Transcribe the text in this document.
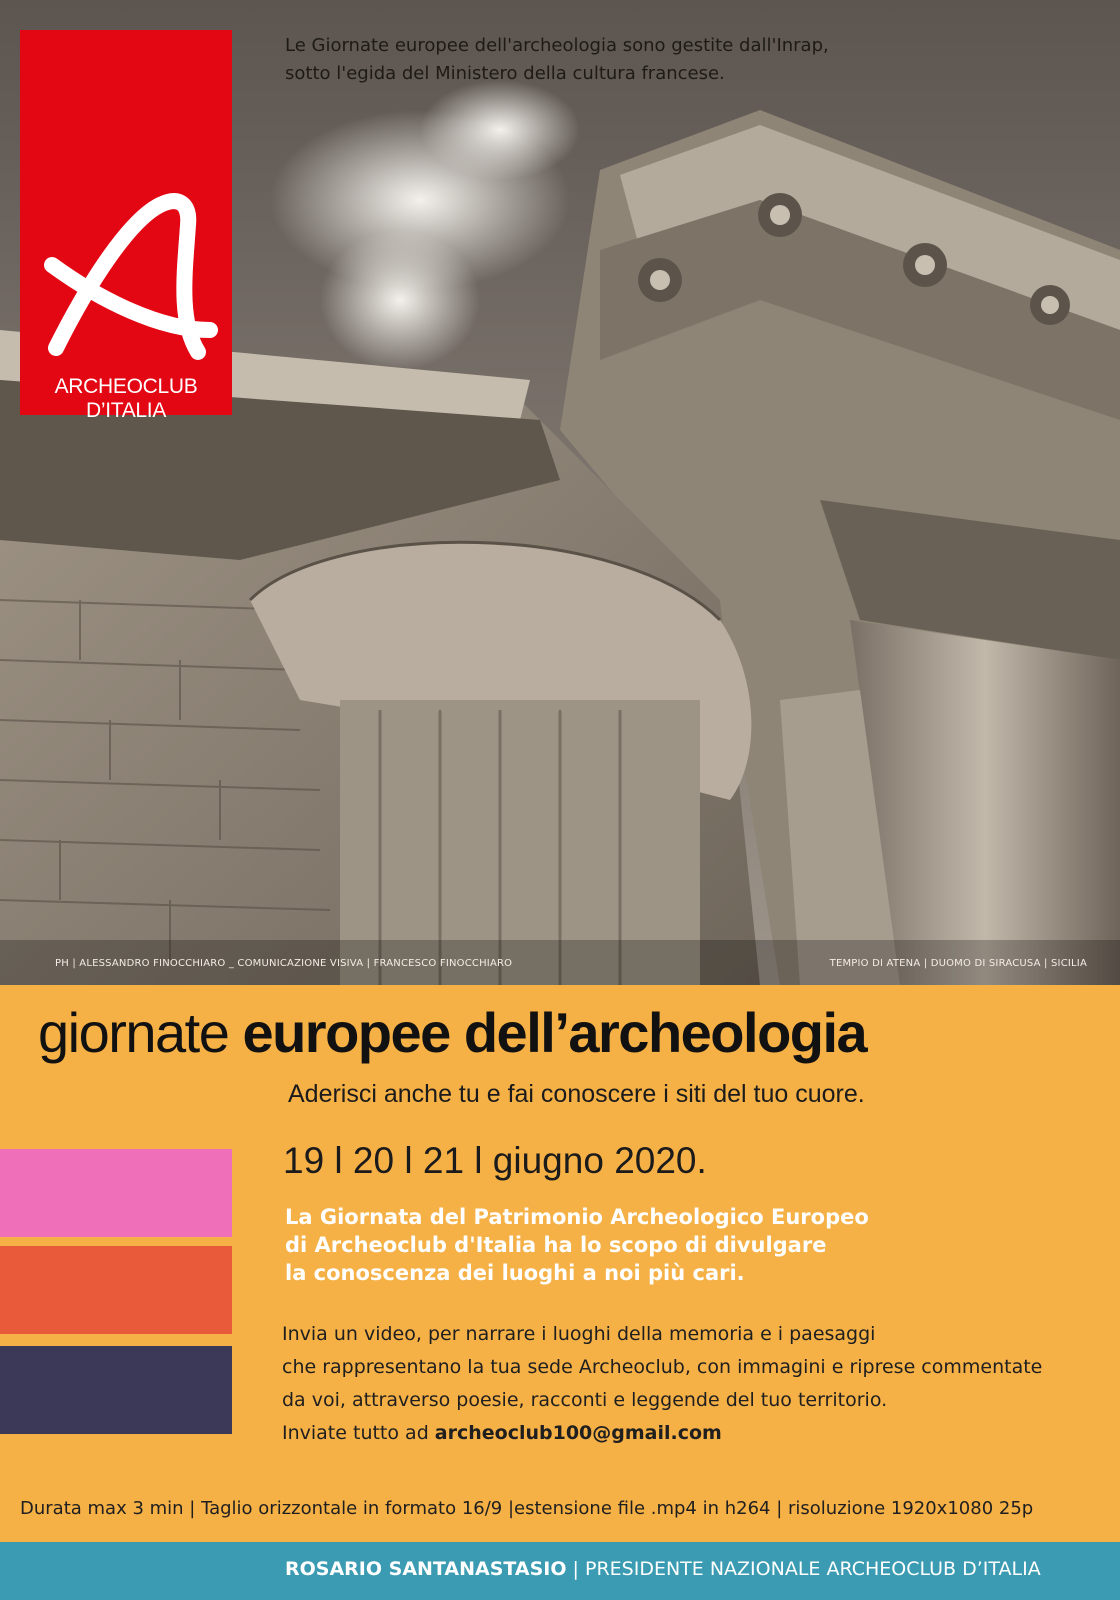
Le Giornate europee dell'archeologia sono gestite dall'Inrap,
sotto l'egida del Ministero della cultura francese.
ARCHEOCLUB D’ITALIA
PH | ALESSANDRO FINOCCHIARO _ COMUNICAZIONE VISIVA | FRANCESCO FINOCCHIARO	TEMPIO DI ATENA | DUOMO DI SIRACUSA | SICILIA
giornate europee dell’archeologia
Aderisci anche tu e fai conoscere i siti del tuo cuore.
19 l 20 l 21 l giugno 2020.
La Giornata del Patrimonio Archeologico Europeo
di Archeoclub d'Italia ha lo scopo di divulgare
la conoscenza dei luoghi a noi più cari.
Invia un video, per narrare i luoghi della memoria e i paesaggi
che rappresentano la tua sede Archeoclub, con immagini e riprese commentate
da voi, attraverso poesie, racconti e leggende del tuo territorio.
Inviate tutto ad archeoclub100@gmail.com
Durata max 3 min | Taglio orizzontale in formato 16/9 |estensione file .mp4 in h264 | risoluzione 1920x1080 25p
ROSARIO SANTANASTASIO | PRESIDENTE NAZIONALE ARCHEOCLUB D’ITALIA
